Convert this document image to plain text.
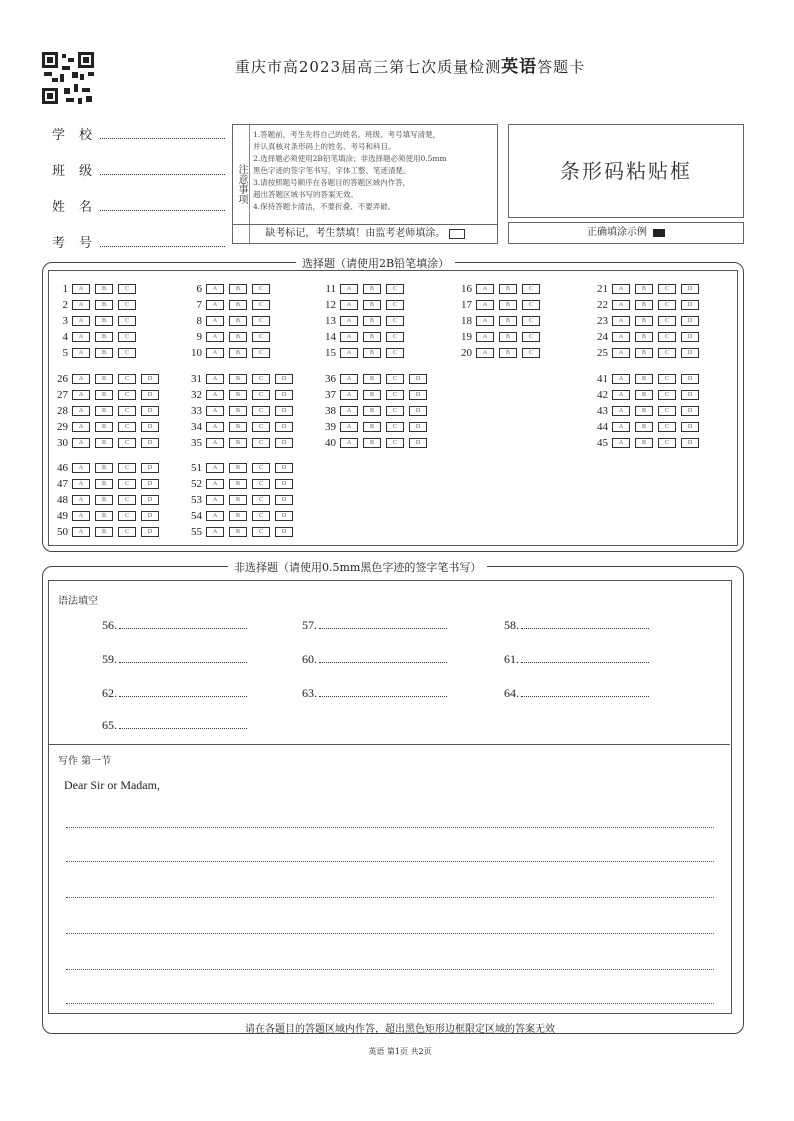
重庆市高2023届高三第七次质量检测英语答题卡
学校
班级
姓名
考号
注意事项

1.答题前，考生先将自己的姓名、班级、考号填写清楚，

并认真核对条形码上的姓名、考号和科目。

2.选择题必须使用2B铅笔填涂；非选择题必须使用0.5mm

黑色字迹的签字笔书写，字体工整、笔迹清楚。

3.请按照题号顺序在各题目的答题区域内作答，

超出答题区域书写的答案无效。

4.保持答题卡清洁，不要折叠、不要弄破。

缺考标记，考生禁填！由监考老师填涂。
条形码粘贴框
正确填涂示例
选择题（请使用2B铅笔填涂）
1 A	B	C
2 A	B	C
3 A	B	C
4 A	B	C
5 A	B	C
6 A	B	C
7 A	B	C
8 A	B	C
9 A	B	C
10 A	B	C
11 A	B	C
12 A	B	C
13 A	B	C
14 A	B	C
15 A	B	C
16 A	B	C
17 A	B	C
18 A	B	C
19 A	B	C
20 A	B	C
21 A	B	C	D
22 A	B	C	D
23 A	B	C	D
24 A	B	C	D
25 A	B	C	D
26 A	B	C	D
27 A	B	C	D
28 A	B	C	D
29 A	B	C	D
30 A	B	C	D
31 A	B	C	D
32 A	B	C	D
33 A	B	C	D
34 A	B	C	D
35 A	B	C	D
36 A	B	C	D
37 A	B	C	D
38 A	B	C	D
39 A	B	C	D
40 A	B	C	D
41 A	B	C	D
42 A	B	C	D
43 A	B	C	D
44 A	B	C	D
45 A	B	C	D
46 A	B	C	D
47 A	B	C	D
48 A	B	C	D
49 A	B	C	D
50 A	B	C	D
51 A	B	C	D
52 A	B	C	D
53 A	B	C	D
54 A	B	C	D
55 A	B	C	D
非选择题（请使用0.5mm黑色字迹的签字笔书写）
语法填空
56.	57.	58.
59.	60.	61.
62.	63.	64.
65.
写作 第一节
Dear Sir or Madam,
请在各题目的答题区域内作答，超出黑色矩形边框限定区域的答案无效
英语 第1页 共2页
